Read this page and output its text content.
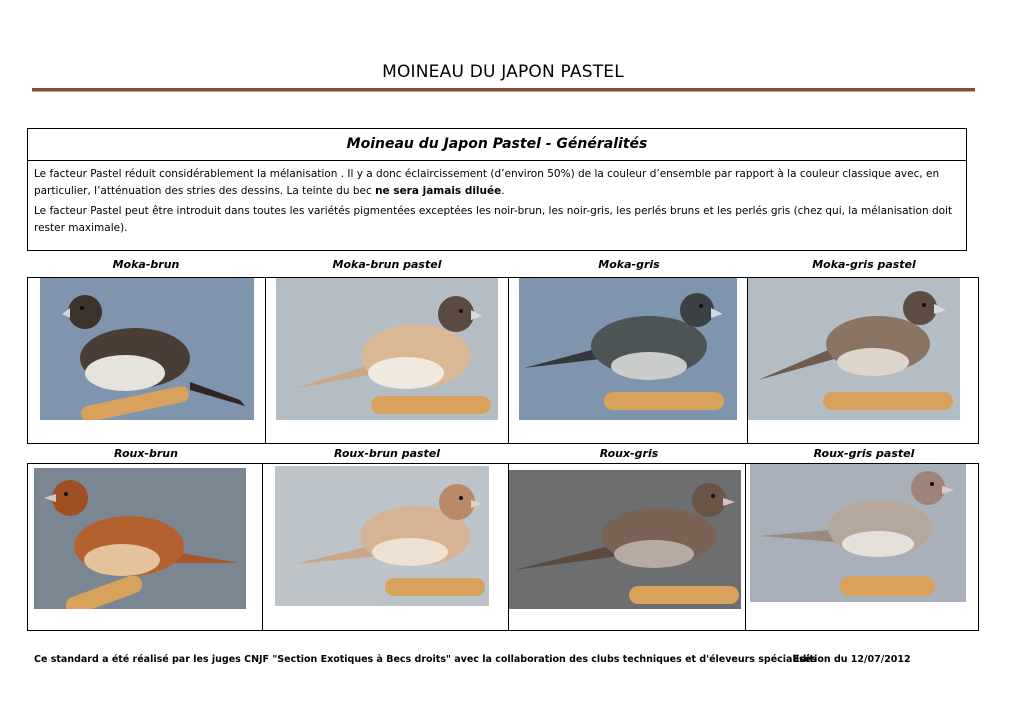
MOINEAU DU JAPON PASTEL
Moineau du Japon Pastel - Généralités

Le facteur Pastel réduit considérablement la mélanisation . Il y a donc éclaircissement (d’environ 50%) de la couleur d’ensemble par rapport à la couleur classique avec, en particulier, l’atténuation des stries des dessins. La teinte du bec ne sera jamais diluée.

Le facteur Pastel peut être introduit dans toutes les variétés pigmentées exceptées les noir-brun, les noir-gris, les perlés bruns et les perlés gris (chez qui, la mélanisation doit rester maximale).

Moka-brun	Moka-brun pastel	Moka-gris	Moka-gris pastel
Roux-brun	Roux-brun pastel	Roux-gris	Roux-gris pastel
Ce standard a été réalisé par les juges CNJF "Section Exotiques à Becs droits" avec la collaboration des clubs techniques et d'éleveurs spécialisés
Edition du 12/07/2012
